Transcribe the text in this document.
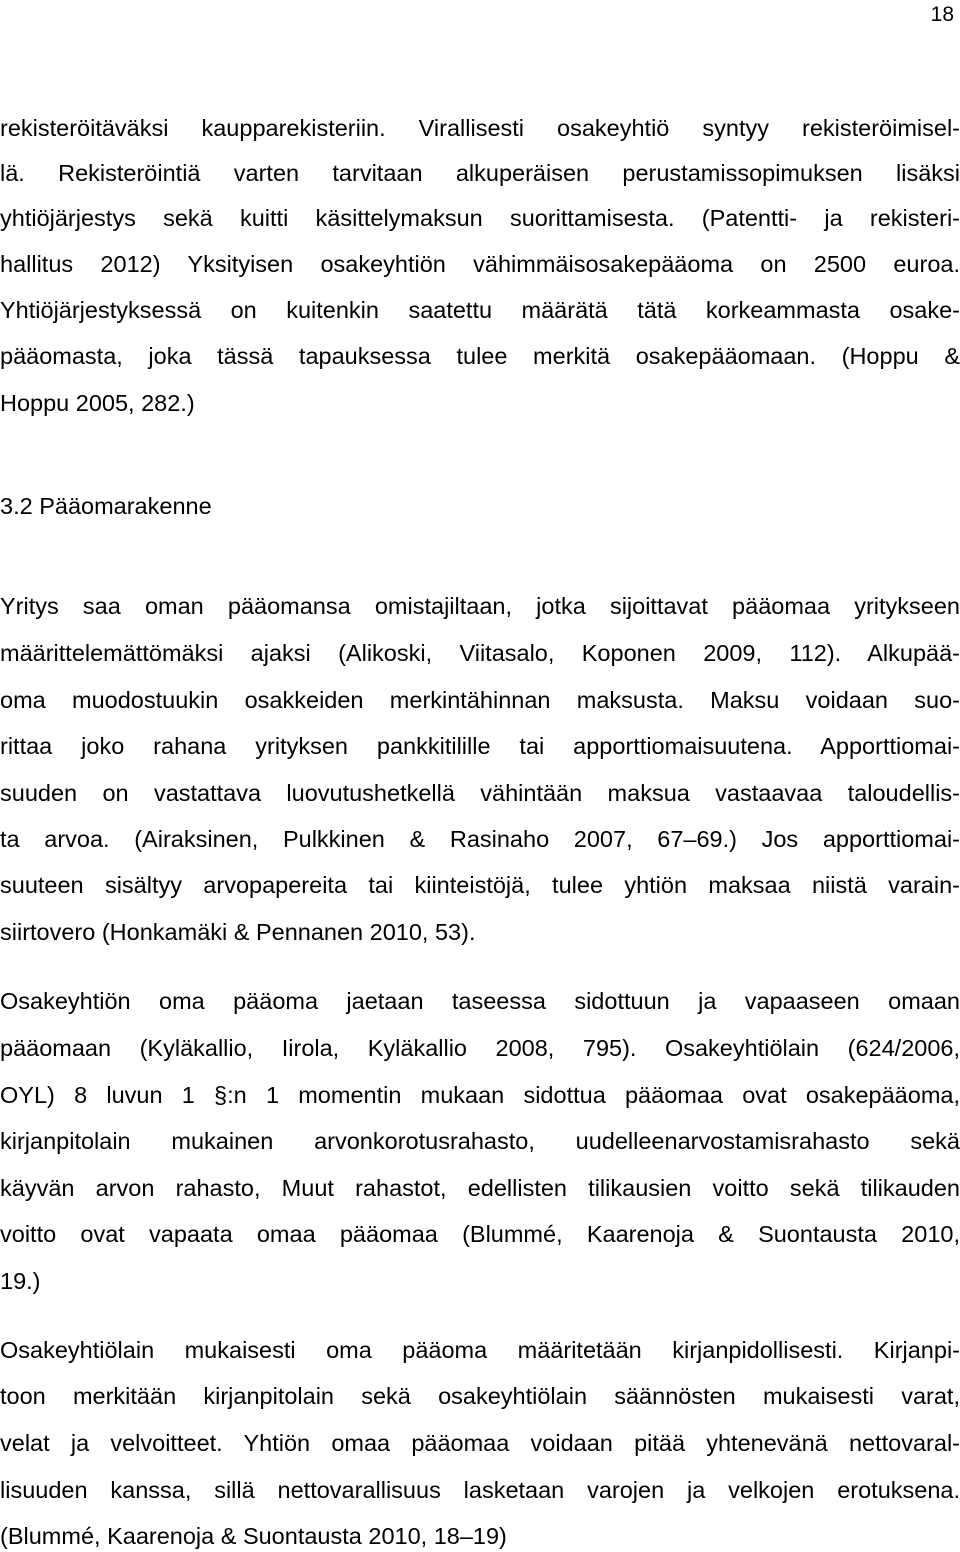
18
rekisteröitäväksi kaupparekisteriin. Virallisesti osakeyhtiö syntyy rekisteröimisel-
lä. Rekisteröintiä varten tarvitaan alkuperäisen perustamissopimuksen lisäksi
yhtiöjärjestys sekä kuitti käsittelymaksun suorittamisesta. (Patentti- ja rekisteri-
hallitus 2012) Yksityisen osakeyhtiön vähimmäisosakepääoma on 2500 euroa.
Yhtiöjärjestyksessä on kuitenkin saatettu määrätä tätä korkeammasta osake-
pääomasta, joka tässä tapauksessa tulee merkitä osakepääomaan. (Hoppu &
Hoppu 2005, 282.)
3.2 Pääomarakenne
Yritys saa oman pääomansa omistajiltaan, jotka sijoittavat pääomaa yritykseen
määrittelemättömäksi ajaksi (Alikoski, Viitasalo, Koponen 2009, 112). Alkupää-
oma muodostuukin osakkeiden merkintähinnan maksusta. Maksu voidaan suo-
rittaa joko rahana yrityksen pankkitilille tai apporttiomaisuutena. Apporttiomai-
suuden on vastattava luovutushetkellä vähintään maksua vastaavaa taloudellis-
ta arvoa. (Airaksinen, Pulkkinen & Rasinaho 2007, 67–69.) Jos apporttiomai-
suuteen sisältyy arvopapereita tai kiinteistöjä, tulee yhtiön maksaa niistä varain-
siirtovero (Honkamäki & Pennanen 2010, 53).
Osakeyhtiön oma pääoma jaetaan taseessa sidottuun ja vapaaseen omaan
pääomaan (Kyläkallio, Iirola, Kyläkallio 2008, 795). Osakeyhtiölain (624/2006,
OYL) 8 luvun 1 §:n 1 momentin mukaan sidottua pääomaa ovat osakepääoma,
kirjanpitolain mukainen arvonkorotusrahasto, uudelleenarvostamisrahasto sekä
käyvän arvon rahasto, Muut rahastot, edellisten tilikausien voitto sekä tilikauden
voitto ovat vapaata omaa pääomaa (Blummé, Kaarenoja & Suontausta 2010,
19.)
Osakeyhtiölain mukaisesti oma pääoma määritetään kirjanpidollisesti. Kirjanpi-
toon merkitään kirjanpitolain sekä osakeyhtiölain säännösten mukaisesti varat,
velat ja velvoitteet. Yhtiön omaa pääomaa voidaan pitää yhtenevänä nettovaral-
lisuuden kanssa, sillä nettovarallisuus lasketaan varojen ja velkojen erotuksena.
(Blummé, Kaarenoja & Suontausta 2010, 18–19)
